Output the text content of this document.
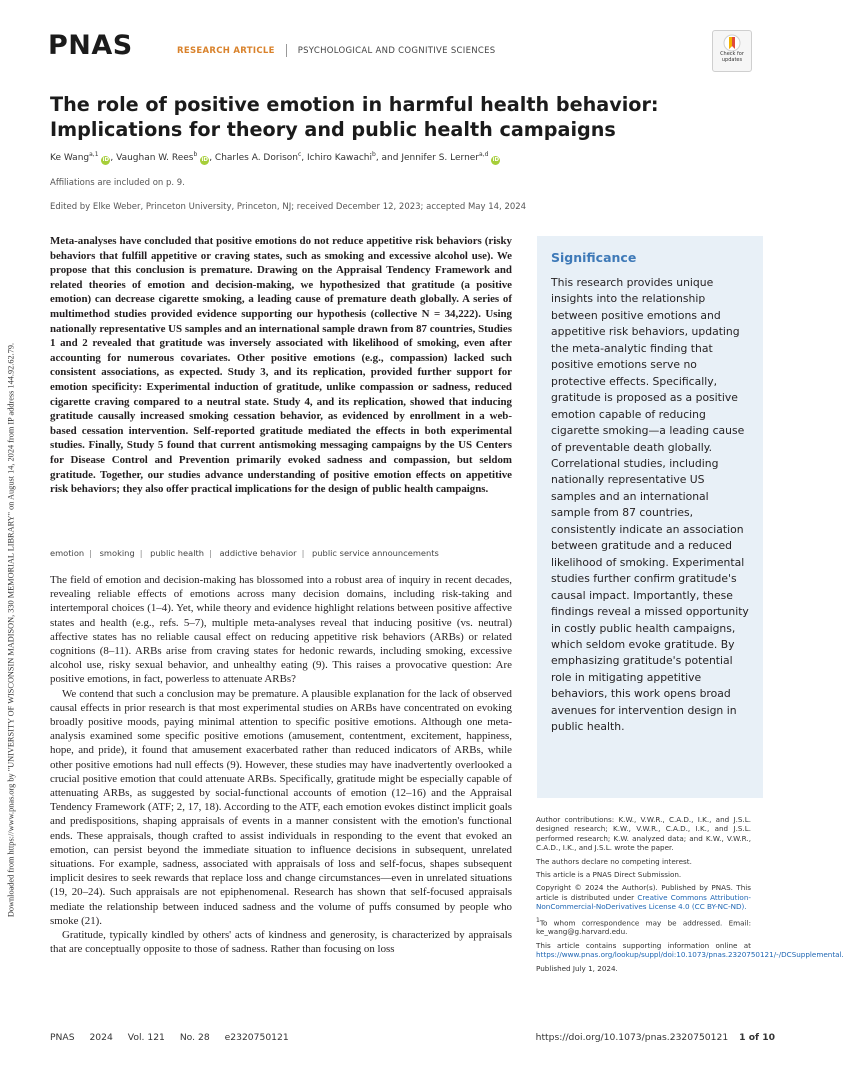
PNAS	RESEARCH ARTICLE	PSYCHOLOGICAL AND COGNITIVE SCIENCES	Check for updates
Downloaded from https://www.pnas.org by "UNIVERSITY OF WISCONSIN MADISON, 330 MEMORIAL LIBRARY" on August 14, 2024 from IP address 144.92.62.79.
The role of positive emotion in harmful health behavior: Implications for theory and public health campaigns
Ke Wang$^{a,1}$ iD, Vaughan W. Rees$^b$ iD, Charles A. Dorison$^c$, Ichiro Kawachi$^b$, and Jennifer S. Lerner$^{a,d}$ iD
Affiliations are included on p. 9.
Edited by Elke Weber, Princeton University, Princeton, NJ; received December 12, 2023; accepted May 14, 2024

Meta-analyses have concluded that positive emotions do not reduce appetitive risk behaviors (risky behaviors that fulfill appetitive or craving states, such as smoking and excessive alcohol use). We propose that this conclusion is premature. Drawing on the Appraisal Tendency Framework and related theories of emotion and decision-making, we hypothesized that gratitude (a positive emotion) can decrease cigarette smoking, a leading cause of premature death globally. A series of multimethod studies provided evidence supporting our hypothesis (collective N = 34,222). Using nationally representative US samples and an international sample drawn from 87 countries, Studies 1 and 2 revealed that gratitude was inversely associated with likelihood of smoking, even after accounting for numerous covariates. Other positive emotions (e.g., compassion) lacked such consistent associations, as expected. Study 3, and its replication, provided further support for emotion specificity: Experimental induction of gratitude, unlike compassion or sadness, reduced cigarette craving compared to a neutral state. Study 4, and its replication, showed that inducing gratitude causally increased smoking cessation behavior, as evidenced by enrollment in a web-based cessation intervention. Self-reported gratitude mediated the effects in both experimental studies. Finally, Study 5 found that current antismoking messaging campaigns by the US Centers for Disease Control and Prevention primarily evoked sadness and compassion, but seldom gratitude. Together, our studies advance understanding of positive emotion effects on appetitive risk behaviors; they also offer practical implications for the design of public health campaigns.

emotion | smoking | public health | addictive behavior | public service announcements

The field of emotion and decision-making has blossomed into a robust area of inquiry in recent decades, revealing reliable effects of emotions across many decision domains, including risk-taking and intertemporal choices (1–4). Yet, while theory and evidence highlight relations between positive affective states and health (e.g., refs. 5–7), multiple meta-analyses reveal that inducing positive (vs. neutral) affective states has no reliable causal effect on reducing appetitive risk behaviors (ARBs) or related cognitions (8–11). ARBs arise from craving states for hedonic rewards, including smoking, excessive alcohol use, risky sexual behavior, and unhealthy eating (9). This raises a provocative question: Are positive emotions, in fact, powerless to attenuate ARBs?

We contend that such a conclusion may be premature. A plausible explanation for the lack of observed causal effects in prior research is that most experimental studies on ARBs have concentrated on evoking broadly positive moods, paying minimal attention to specific positive emotions. Although one meta-analysis examined some specific positive emotions (amusement, contentment, excitement, happiness, hope, and pride), it found that amusement exacerbated rather than reduced indicators of ARBs, while other positive emotions had null effects (9). However, these studies may have inadvertently overlooked a crucial positive emotion that could attenuate ARBs. Specifically, gratitude might be especially capable of attenuating ARBs, as suggested by social-functional accounts of emotion (12–16) and the Appraisal Tendency Framework (ATF; 2, 17, 18). According to the ATF, each emotion evokes distinct implicit goals and predispositions, shaping appraisals of events in a manner consistent with the emotion's functional ends. These appraisals, though crafted to assist individuals in responding to the event that evoked an emotion, can persist beyond the immediate situation to influence decisions in subsequent, unrelated situations. For example, sadness, associated with appraisals of loss and self-focus, shapes subsequent implicit desires to seek rewards that replace loss and change circumstances—even in unrelated situations (19, 20–24). Such appraisals are not epiphenomenal. Research has shown that self-focused appraisals mediate the relationship between induced sadness and the volume of puffs consumed by people who smoke (21).

Gratitude, typically kindled by others' acts of kindness and generosity, is characterized by appraisals that are conceptually opposite to those of sadness. Rather than focusing on loss

Significance

This research provides unique insights into the relationship between positive emotions and appetitive risk behaviors, updating the meta-analytic finding that positive emotions serve no protective effects. Specifically, gratitude is proposed as a positive emotion capable of reducing cigarette smoking—a leading cause of preventable death globally. Correlational studies, including nationally representative US samples and an international sample from 87 countries, consistently indicate an association between gratitude and a reduced likelihood of smoking. Experimental studies further confirm gratitude's causal impact. Importantly, these findings reveal a missed opportunity in costly public health campaigns, which seldom evoke gratitude. By emphasizing gratitude's potential role in mitigating appetitive behaviors, this work opens broad avenues for intervention design in public health.

Author contributions: K.W., V.W.R., C.A.D., I.K., and J.S.L. designed research; K.W., V.W.R., C.A.D., I.K., and J.S.L. performed research; K.W. analyzed data; and K.W., V.W.R., C.A.D., I.K., and J.S.L. wrote the paper.

The authors declare no competing interest.

This article is a PNAS Direct Submission.

Copyright © 2024 the Author(s). Published by PNAS. This article is distributed under Creative Commons Attribution-NonCommercial-NoDerivatives License 4.0 (CC BY-NC-ND).

$^1$To whom correspondence may be addressed. Email: ke_wang@g.harvard.edu.

This article contains supporting information online at https://www.pnas.org/lookup/suppl/doi:10.1073/pnas.2320750121/-/DCSupplemental.

Published July 1, 2024.

PNAS 2024 Vol. 121 No. 28 e2320750121	https://doi.org/10.1073/pnas.2320750121 1 of 10
